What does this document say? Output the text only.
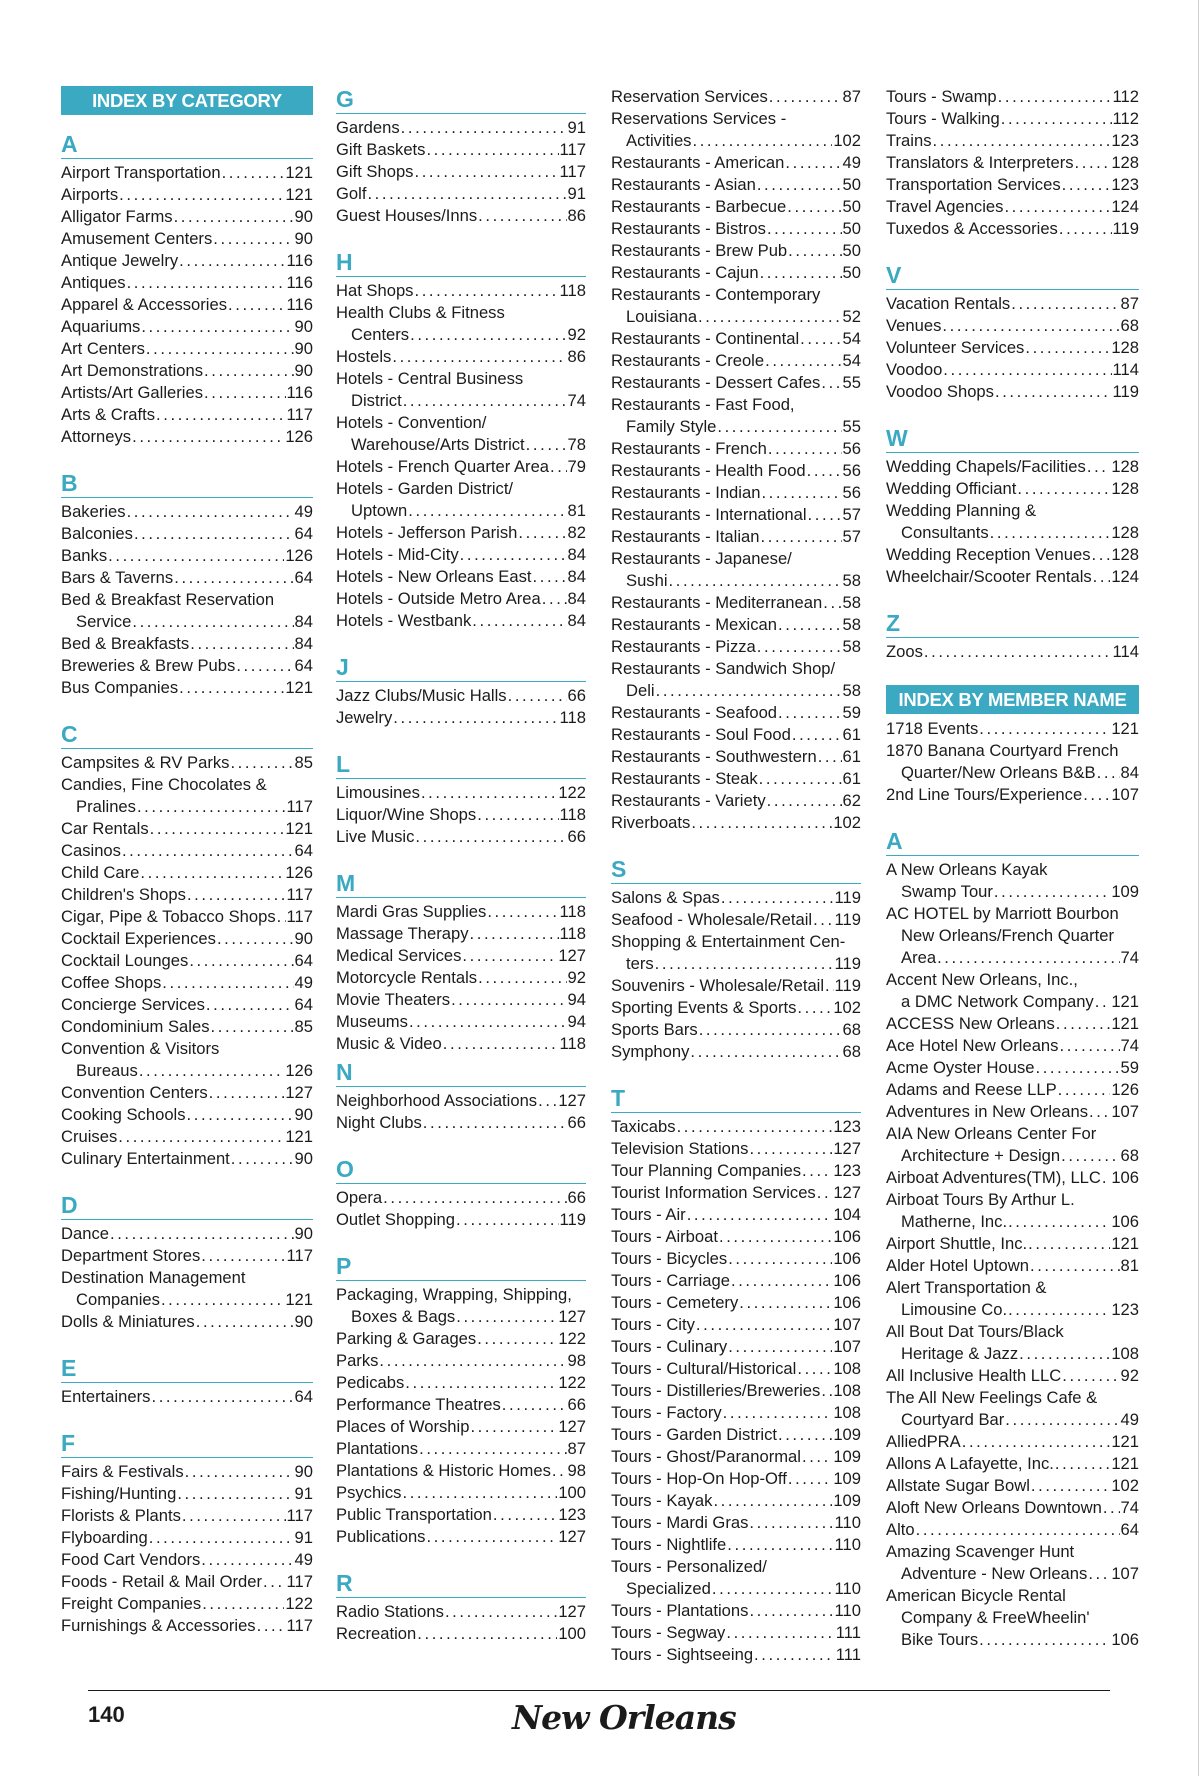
INDEX BY CATEGORY
A
Airport Transportation . . .	121
Airports . . .	121
Alligator Farms . . .	90
Amusement Centers . . .	90
Antique Jewelry . . .	116
Antiques . . .	116
Apparel & Accessories . . .	116
Aquariums . . .	90
Art Centers . . .	90
Art Demonstrations . . .	90
Artists/Art Galleries . . .	116
Arts & Crafts . . .	117
Attorneys . . .	126
B
Bakeries . . .	49
Balconies . . .	64
Banks . . .	126
Bars & Taverns . . .	64
Bed & Breakfast Reservation
Service . . .	84
Bed & Breakfasts . . .	84
Breweries & Brew Pubs . . .	64
Bus Companies . . .	121
C
Campsites & RV Parks . . .	85
Candies, Fine Chocolates &
Pralines . . .	117
Car Rentals . . .	121
Casinos . . .	64
Child Care . . .	126
Children's Shops . . .	117
Cigar, Pipe & Tobacco Shops . . . 117
Cocktail Experiences . . .	90
Cocktail Lounges . . .	64
Coffee Shops . . .	49
Concierge Services . . .	64
Condominium Sales . . .	85
Convention & Visitors
Bureaus . . .	126
Convention Centers . . .	127
Cooking Schools . . .	90
Cruises . . .	121
Culinary Entertainment . . .	90
D
Dance . . .	90
Department Stores . . .	117
Destination Management
Companies . . .	121
Dolls & Miniatures . . .	90
E
Entertainers . . .	64
F
Fairs & Festivals . . .	90
Fishing/Hunting . . .	91
Florists & Plants . . .	117
Flyboarding . . .	91
Food Cart Vendors . . .	49
Foods - Retail & Mail Order . . . 117
Freight Companies . . .	122
Furnishings & Accessories . . . 117
G
Gardens . . .	91
Gift Baskets . . .	117
Gift Shops . . .	117
Golf . . .	91
Guest Houses/Inns . . .	86
H
Hat Shops . . .	118
Health Clubs & Fitness
Centers . . .	92
Hostels . . .	86
Hotels - Central Business
District . . .	74
Hotels - Convention/
Warehouse/Arts District . . .	78
Hotels - French Quarter Area . . . 79
Hotels - Garden District/
Uptown . . .	81
Hotels - Jefferson Parish . . .	82
Hotels - Mid-City . . .	84
Hotels - New Orleans East . . . 84
Hotels - Outside Metro Area . . . 84
Hotels - Westbank . . .	84
J
Jazz Clubs/Music Halls . . .	66
Jewelry . . .	118
L
Limousines . . .	122
Liquor/Wine Shops . . .	118
Live Music . . .	66
M
Mardi Gras Supplies . . .	118
Massage Therapy . . .	118
Medical Services . . .	127
Motorcycle Rentals . . .	92
Movie Theaters . . .	94
Museums . . .	94
Music & Video . . .	118
N
Neighborhood Associations . . . 127
Night Clubs . . .	66
O
Opera . . .	66
Outlet Shopping . . .	119
P
Packaging, Wrapping, Shipping,
Boxes & Bags . . .	127
Parking & Garages . . .	122
Parks . . .	98
Pedicabs . . .	122
Performance Theatres . . .	66
Places of Worship . . .	127
Plantations . . .	87
Plantations & Historic Homes . . . 98
Psychics . . .	100
Public Transportation . . .	123
Publications . . .	127
R
Radio Stations . . .	127
Recreation . . .	100
Reservation Services . . .	87
Reservations Services -
Activities . . .	102
Restaurants - American . . .	49
Restaurants - Asian . . .	50
Restaurants - Barbecue . . .	50
Restaurants - Bistros . . .	50
Restaurants - Brew Pub . . .	50
Restaurants - Cajun . . .	50
Restaurants - Contemporary
Louisiana . . .	52
Restaurants - Continental . . .	54
Restaurants - Creole . . .	54
Restaurants - Dessert Cafes . . . 55
Restaurants - Fast Food,
Family Style . . .	55
Restaurants - French . . .	56
Restaurants - Health Food . . . 56
Restaurants - Indian . . .	56
Restaurants - International . . . 57
Restaurants - Italian . . .	57
Restaurants - Japanese/
Sushi . . .	58
Restaurants - Mediterranean . . . 58
Restaurants - Mexican . . .	58
Restaurants - Pizza . . .	58
Restaurants - Sandwich Shop/
Deli . . .	58
Restaurants - Seafood . . .	59
Restaurants - Soul Food . . .	61
Restaurants - Southwestern . . . 61
Restaurants - Steak . . .	61
Restaurants - Variety . . .	62
Riverboats . . .	102
S
Salons & Spas . . .	119
Seafood - Wholesale/Retail . . . 119
Shopping & Entertainment Cen-
ters . . .	119
Souvenirs - Wholesale/Retail . . . 119
Sporting Events & Sports . . . 102
Sports Bars . . .	68
Symphony . . .	68
T
Taxicabs . . .	123
Television Stations . . .	127
Tour Planning Companies . . . 123
Tourist Information Services . . . 127
Tours - Air . . .	104
Tours - Airboat . . .	106
Tours - Bicycles . . .	106
Tours - Carriage . . .	106
Tours - Cemetery . . .	106
Tours - City . . .	107
Tours - Culinary . . .	107
Tours - Cultural/Historical . . . 108
Tours - Distilleries/Breweries . . . 108
Tours - Factory . . .	108
Tours - Garden District . . .	109
Tours - Ghost/Paranormal . . . 109
Tours - Hop-On Hop-Off . . .	109
Tours - Kayak . . .	109
Tours - Mardi Gras . . .	110
Tours - Nightlife . . .	110
Tours - Personalized/
Specialized . . .	110
Tours - Plantations . . .	110
Tours - Segway . . .	111
Tours - Sightseeing . . .	111
Tours - Swamp . . .	112
Tours - Walking . . .	112
Trains . . .	123
Translators & Interpreters . . . 128
Transportation Services . . .	123
Travel Agencies . . .	124
Tuxedos & Accessories . . .	119
V
Vacation Rentals . . .	87
Venues . . .	68
Volunteer Services . . .	128
Voodoo . . .	114
Voodoo Shops . . .	119
W
Wedding Chapels/Facilities . . . 128
Wedding Officiant . . .	128
Wedding Planning &
Consultants . . .	128
Wedding Reception Venues . . . 128
Wheelchair/Scooter Rentals . . . 124
Z
Zoos . . .	114
INDEX BY MEMBER NAME
1718 Events . . .	121
1870 Banana Courtyard French
Quarter/New Orleans B&B . . . 84
2nd Line Tours/Experience . . . 107
A
A New Orleans Kayak
Swamp Tour . . .	109
AC HOTEL by Marriott Bourbon
New Orleans/French Quarter
Area . . .	74
Accent New Orleans, Inc.,
a DMC Network Company . . . 121
ACCESS New Orleans . . .	121
Ace Hotel New Orleans . . .	74
Acme Oyster House . . .	59
Adams and Reese LLP . . .	126
Adventures in New Orleans . . . 107
AIA New Orleans Center For
Architecture + Design . . .	68
Airboat Adventures(TM), LLC . . . 106
Airboat Tours By Arthur L.
Matherne, Inc. . . .	106
Airport Shuttle, Inc. . . .	121
Alder Hotel Uptown . . .	81
Alert Transportation &
Limousine Co. . . .	123
All Bout Dat Tours/Black
Heritage & Jazz . . .	108
All Inclusive Health LLC . . .	92
The All New Feelings Cafe &
Courtyard Bar . . .	49
AlliedPRA . . .	121
Allons A Lafayette, Inc. . . .	121
Allstate Sugar Bowl . . .	102
Aloft New Orleans Downtown . . . 74
Alto . . .	64
Amazing Scavenger Hunt
Adventure - New Orleans . . . 107
American Bicycle Rental
Company & FreeWheelin'
Bike Tours . . .	106
140	New Orleans
